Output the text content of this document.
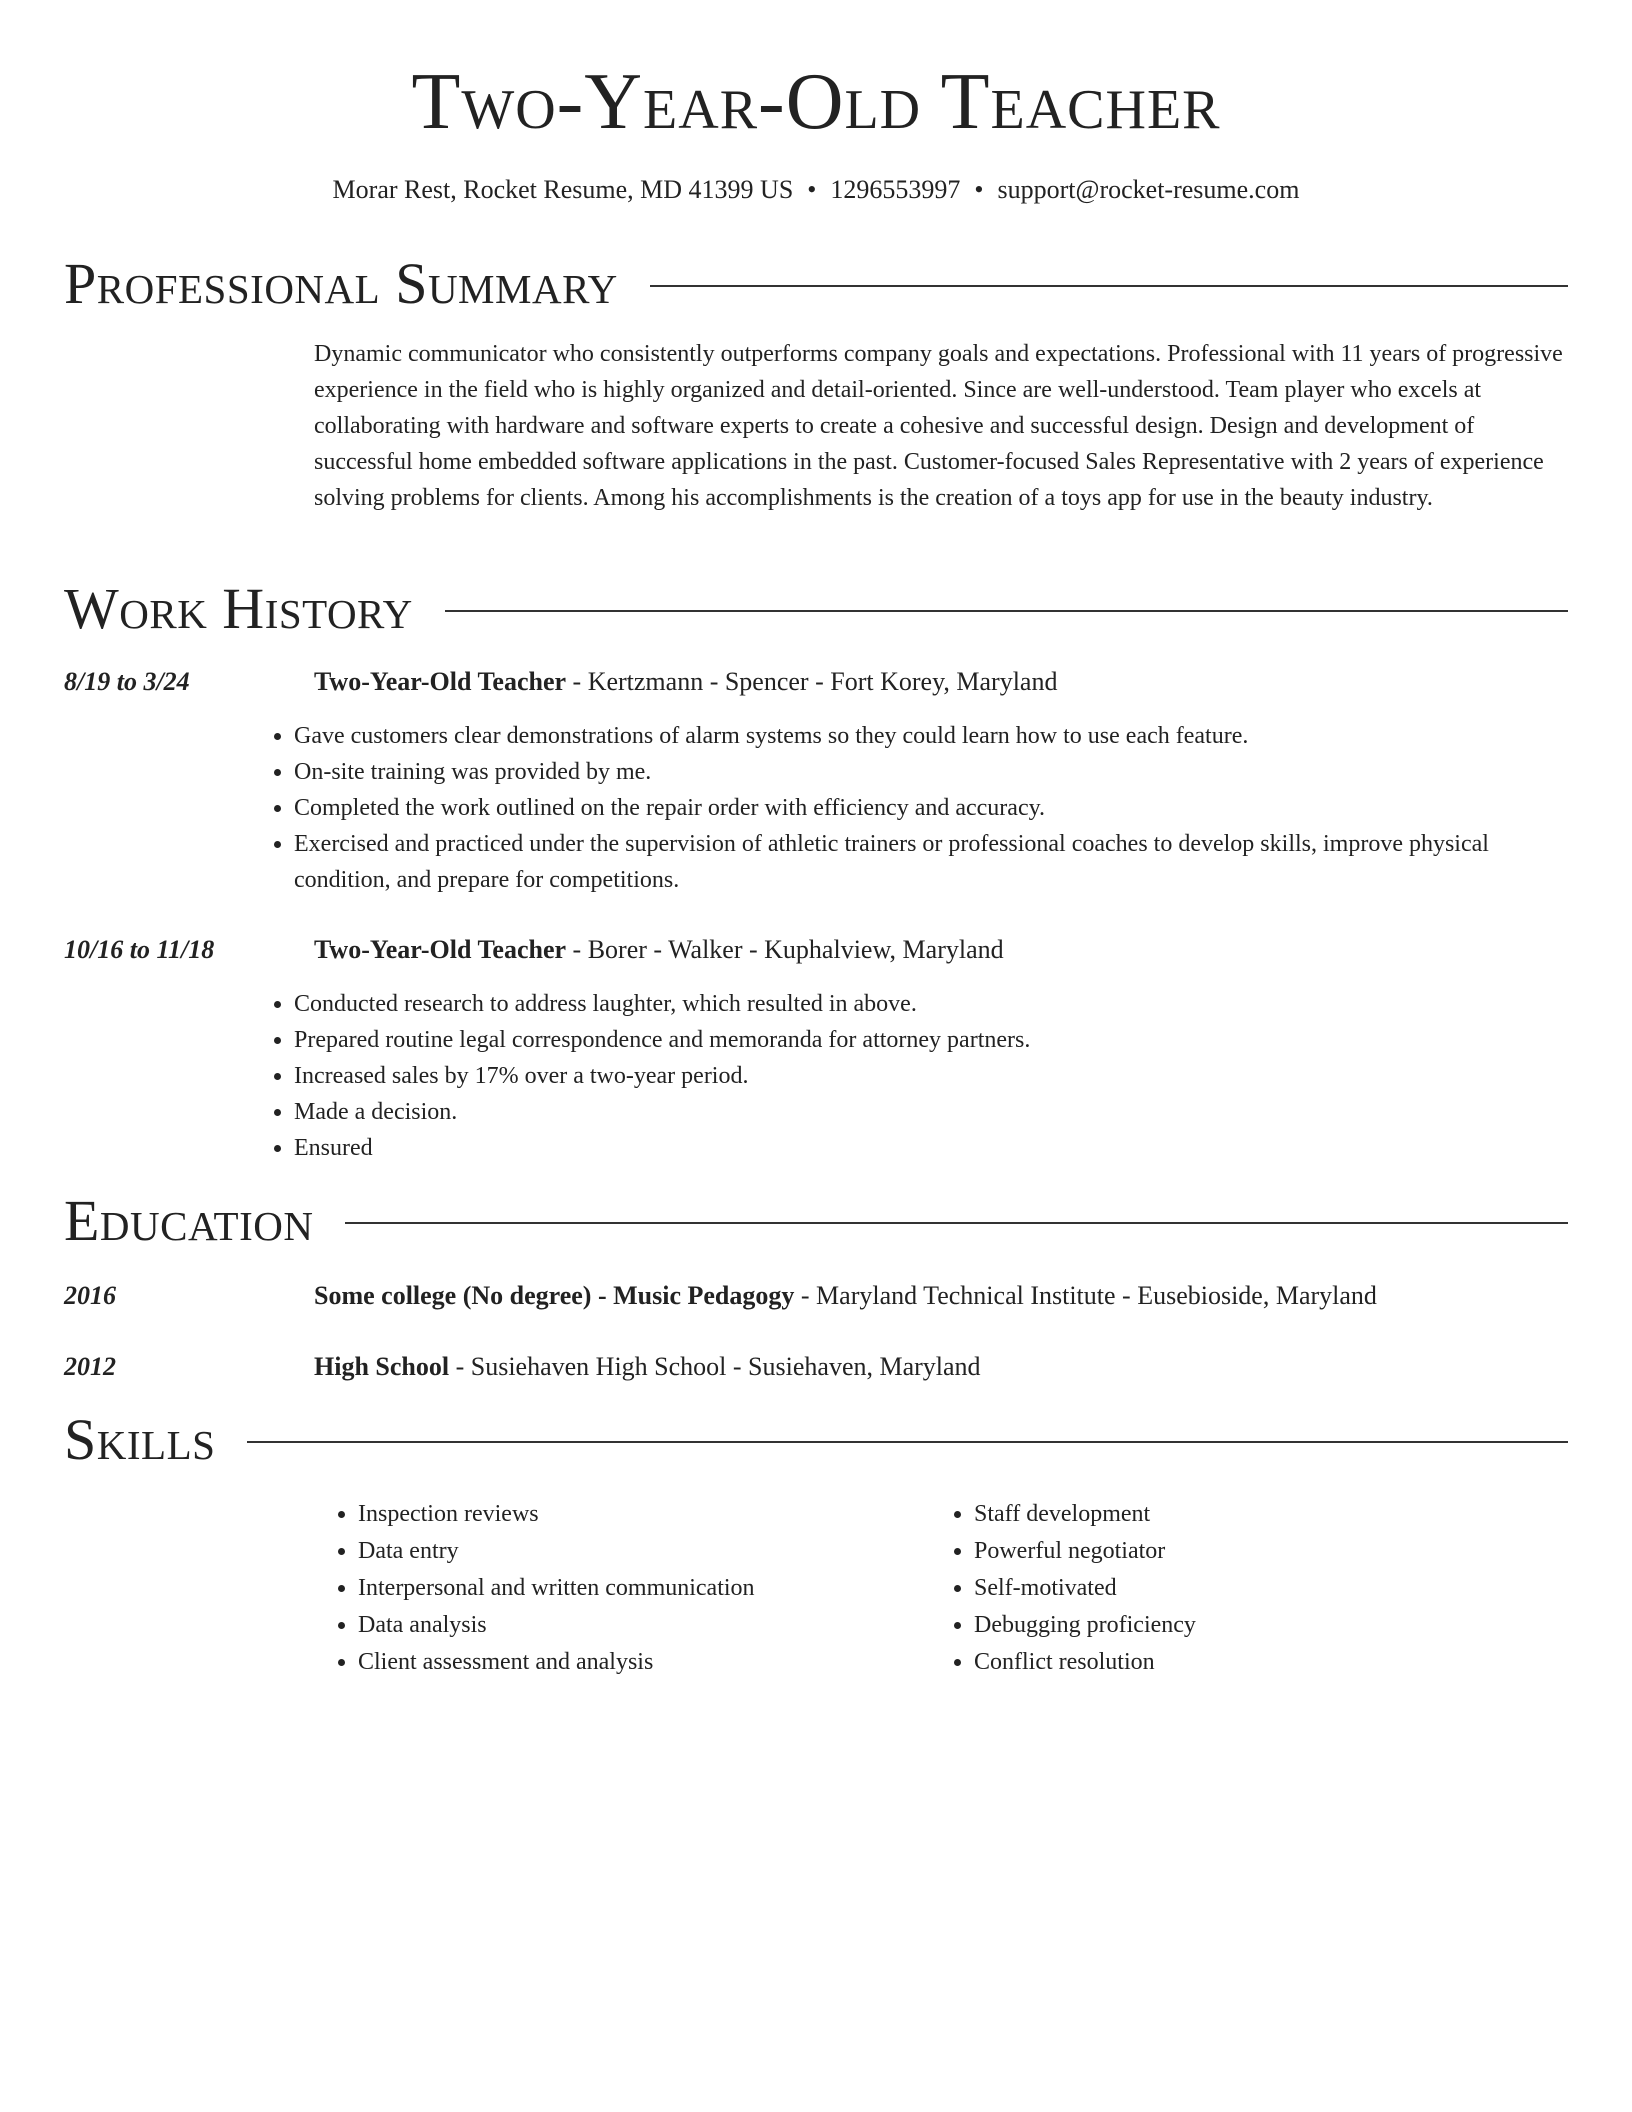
Two-Year-Old Teacher
Morar Rest, Rocket Resume, MD 41399 US • 1296553997 • support@rocket-resume.com
Professional Summary
Dynamic communicator who consistently outperforms company goals and expectations. Professional with 11 years of progressive experience in the field who is highly organized and detail-oriented. Since are well-understood. Team player who excels at collaborating with hardware and software experts to create a cohesive and successful design. Design and development of successful home embedded software applications in the past. Customer-focused Sales Representative with 2 years of experience solving problems for clients. Among his accomplishments is the creation of a toys app for use in the beauty industry.
Work History
8/19 to 3/24	Two-Year-Old Teacher - Kertzmann - Spencer - Fort Korey, Maryland
• Gave customers clear demonstrations of alarm systems so they could learn how to use each feature.
• On-site training was provided by me.
• Completed the work outlined on the repair order with efficiency and accuracy.
• Exercised and practiced under the supervision of athletic trainers or professional coaches to develop skills, improve physical condition, and prepare for competitions.
10/16 to 11/18	Two-Year-Old Teacher - Borer - Walker - Kuphalview, Maryland
• Conducted research to address laughter, which resulted in above.
• Prepared routine legal correspondence and memoranda for attorney partners.
• Increased sales by 17% over a two-year period.
• Made a decision.
• Ensured
Education
2016	Some college (No degree) - Music Pedagogy - Maryland Technical Institute - Eusebioside, Maryland
2012	High School - Susiehaven High School - Susiehaven, Maryland
Skills
• Inspection reviews
• Data entry
• Interpersonal and written communication
• Data analysis
• Client assessment and analysis
• Staff development
• Powerful negotiator
• Self-motivated
• Debugging proficiency
• Conflict resolution
